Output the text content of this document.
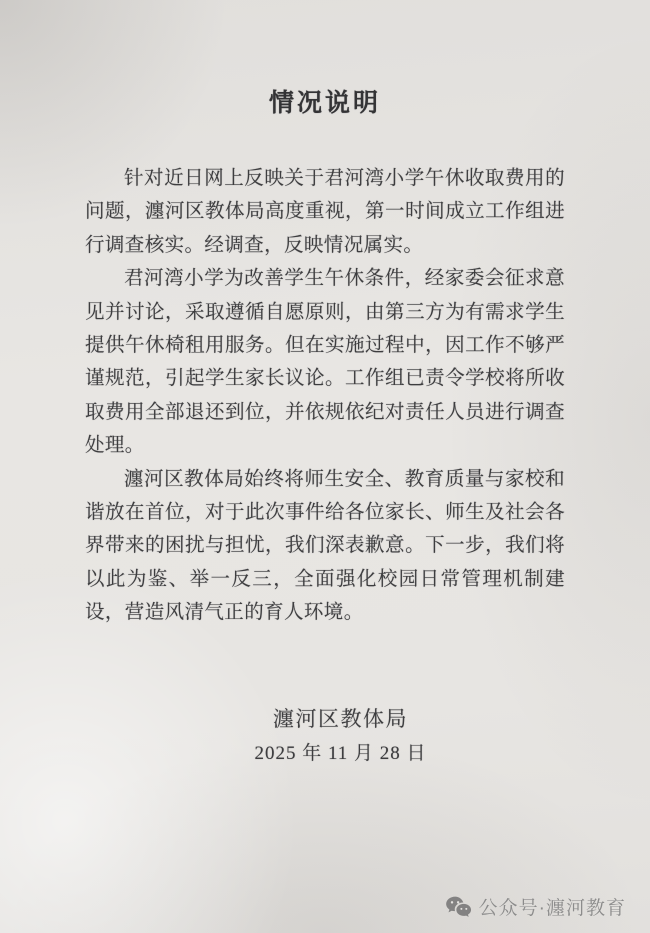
情况说明

针对近日网上反映关于君河湾小学午休收取费用的问题，瀍河区教体局高度重视，第一时间成立工作组进行调查核实。经调查，反映情况属实。

君河湾小学为改善学生午休条件，经家委会征求意见并讨论，采取遵循自愿原则，由第三方为有需求学生提供午休椅租用服务。但在实施过程中，因工作不够严谨规范，引起学生家长议论。工作组已责令学校将所收取费用全部退还到位，并依规依纪对责任人员进行调查处理。

瀍河区教体局始终将师生安全、教育质量与家校和谐放在首位，对于此次事件给各位家长、师生及社会各界带来的困扰与担忧，我们深表歉意。下一步，我们将以此为鉴、举一反三，全面强化校园日常管理机制建设，营造风清气正的育人环境。

瀍河区教体局
2025 年 11 月 28 日
公众号·瀍河教育
